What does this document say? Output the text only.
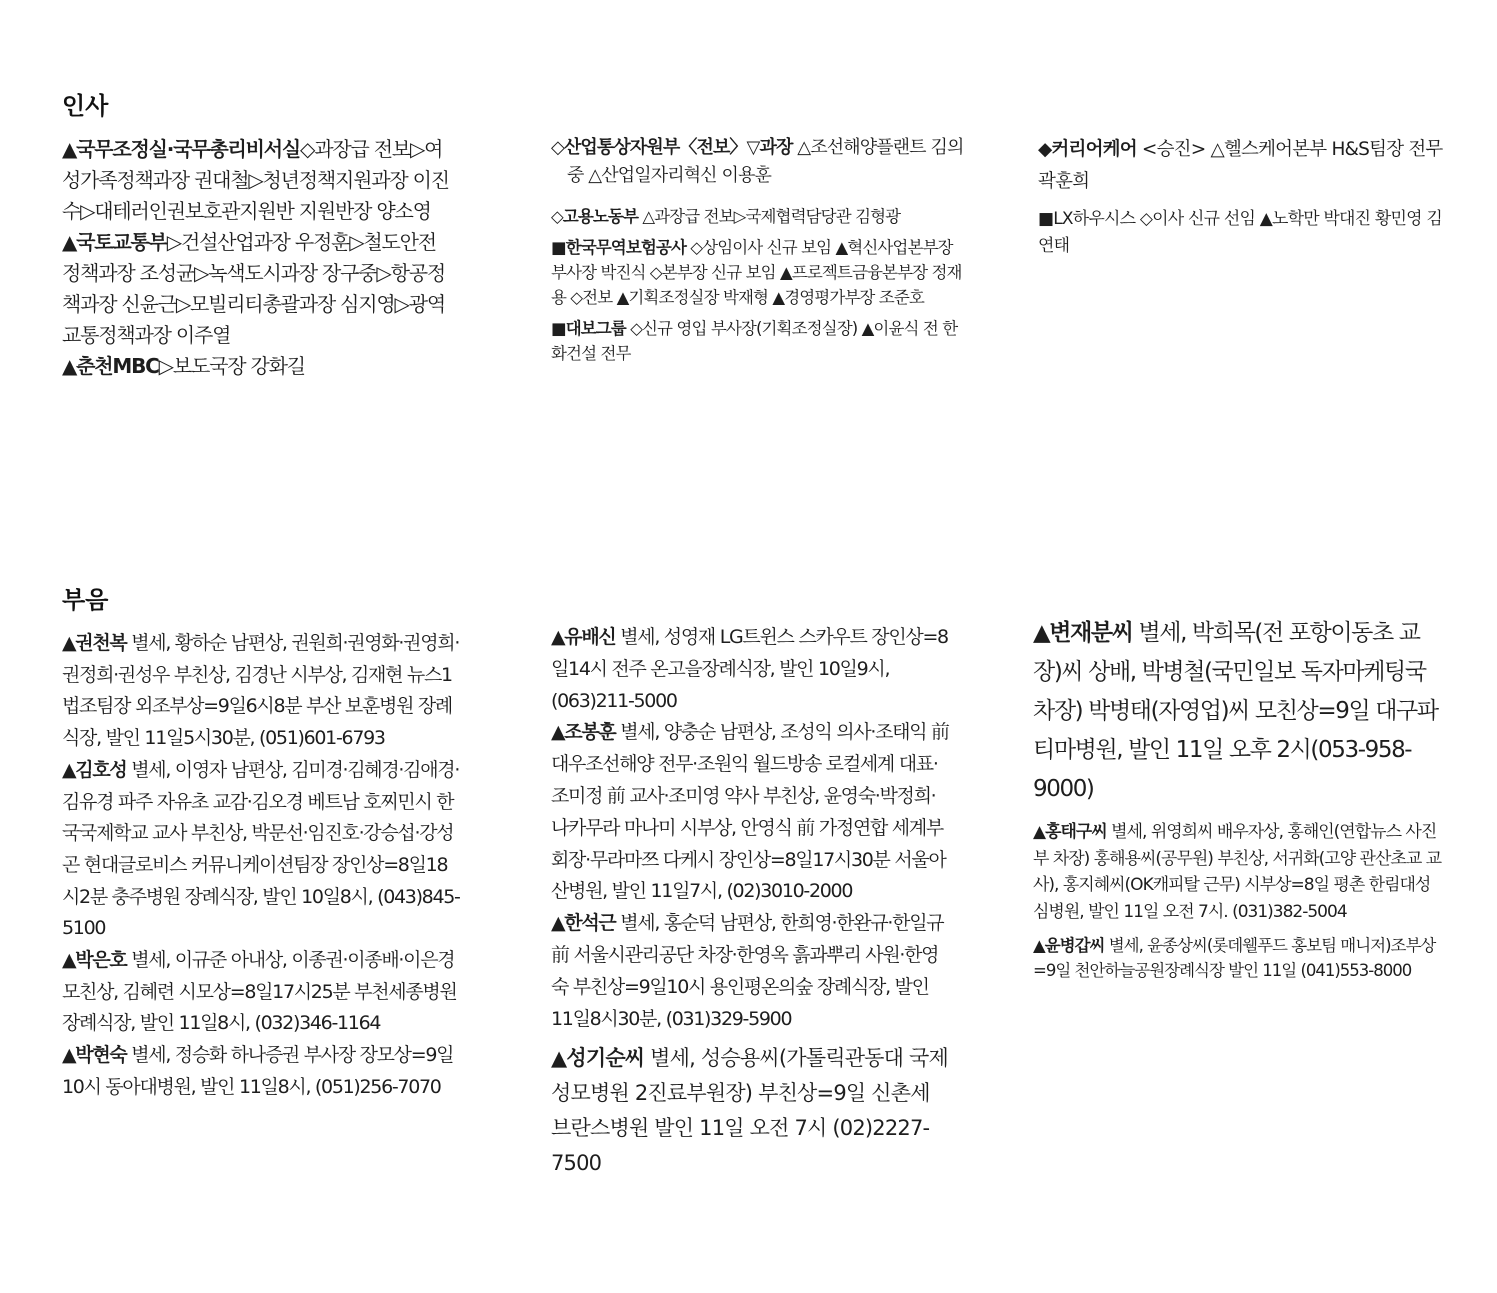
인사

▲국무조정실·국무총리비서실◇과장급 전보▷여성가족정책과장 권대철▷청년정책지원과장 이진수▷대테러인권보호관지원반 지원반장 양소영

▲국토교통부▷건설산업과장 우정훈▷철도안전정책과장 조성균▷녹색도시과장 장구중▷항공정책과장 신윤근▷모빌리티총괄과장 심지영▷광역교통정책과장 이주열

▲춘천MBC▷보도국장 강화길

◇산업통상자원부〈전보〉▽과장 △조선해양플랜트 김의중 △산업일자리혁신 이용훈

◇고용노동부 △과장급 전보▷국제협력담당관 김형광

■한국무역보험공사 ◇상임이사 신규 보임 ▲혁신사업본부장 부사장 박진식 ◇본부장 신규 보임 ▲프로젝트금융본부장 정재용 ◇전보 ▲기획조정실장 박재형 ▲경영평가부장 조준호

■대보그룹 ◇신규 영입 부사장(기획조정실장) ▲이윤식 전 한화건설 전무

◆커리어케어 <승진> △헬스케어본부 H&S팀장 전무 곽훈희

■LX하우시스 ◇이사 신규 선임 ▲노학만 박대진 황민영 김연태

부음

▲권천복 별세, 황하순 남편상, 권원희·권영화·권영희·권정희·권성우 부친상, 김경난 시부상, 김재현 뉴스1 법조팀장 외조부상=9일6시8분 부산 보훈병원 장례식장, 발인 11일5시30분, (051)601-6793

▲김호성 별세, 이영자 남편상, 김미경·김혜경·김애경·김유경 파주 자유초 교감·김오경 베트남 호찌민시 한국국제학교 교사 부친상, 박문선·임진호·강승섭·강성곤 현대글로비스 커뮤니케이션팀장 장인상=8일18시2분 충주병원 장례식장, 발인 10일8시, (043)845-5100

▲박은호 별세, 이규준 아내상, 이종권·이종배·이은경 모친상, 김혜련 시모상=8일17시25분 부천세종병원 장례식장, 발인 11일8시, (032)346-1164

▲박현숙 별세, 정승화 하나증권 부사장 장모상=9일10시 동아대병원, 발인 11일8시, (051)256-7070

▲유배신 별세, 성영재 LG트윈스 스카우트 장인상=8일14시 전주 온고을장례식장, 발인 10일9시, (063)211-5000

▲조봉훈 별세, 양충순 남편상, 조성익 의사·조태익 前 대우조선해양 전무·조원익 월드방송 로컬세계 대표·조미정 前 교사·조미영 약사 부친상, 윤영숙·박정희·나카무라 마나미 시부상, 안영식 前 가정연합 세계부회장·무라마쯔 다케시 장인상=8일17시30분 서울아산병원, 발인 11일7시, (02)3010-2000

▲한석근 별세, 홍순덕 남편상, 한희영·한완규·한일규 前 서울시관리공단 차장·한영옥 흙과뿌리 사원·한영숙 부친상=9일10시 용인평온의숲 장례식장, 발인 11일8시30분, (031)329-5900

▲성기순씨 별세, 성승용씨(가톨릭관동대 국제성모병원 2진료부원장) 부친상=9일 신촌세브란스병원 발인 11일 오전 7시 (02)2227-7500

▲변재분씨 별세, 박희목(전 포항이동초 교장)씨 상배, 박병철(국민일보 독자마케팅국 차장) 박병태(자영업)씨 모친상=9일 대구파티마병원, 발인 11일 오후 2시(053-958-9000)

▲홍태구씨 별세, 위영희씨 배우자상, 홍해인(연합뉴스 사진부 차장) 홍해용씨(공무원) 부친상, 서귀화(고양 관산초교 교사), 홍지혜씨(OK캐피탈 근무) 시부상=8일 평촌 한림대성심병원, 발인 11일 오전 7시. (031)382-5004

▲윤병갑씨 별세, 윤종상씨(롯데웰푸드 홍보팀 매니저)조부상=9일 천안하늘공원장례식장 발인 11일 (041)553-8000
